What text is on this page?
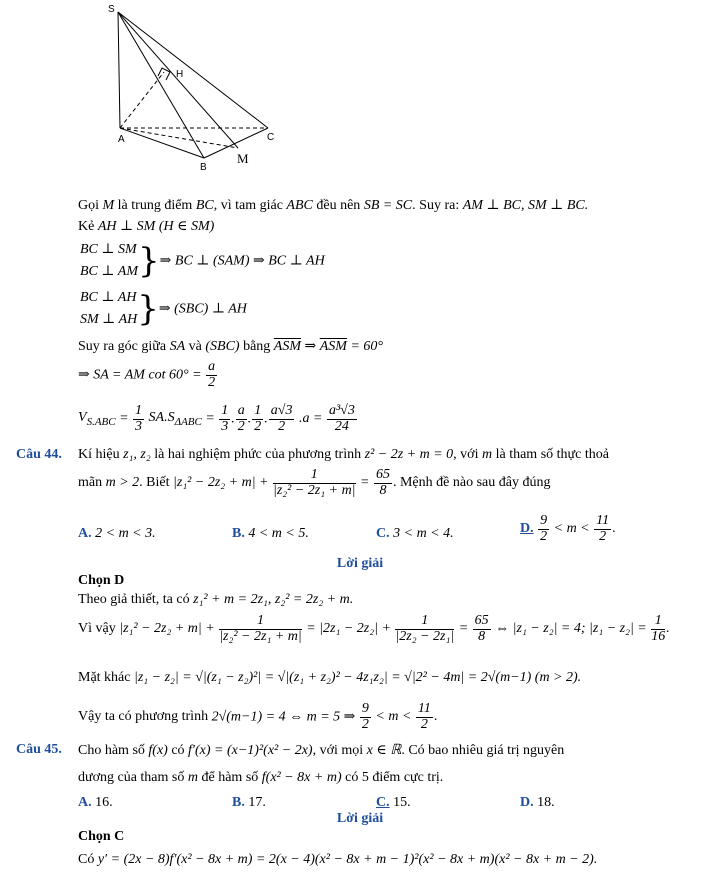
S
H
A	C
B
M
Gọi M là trung điểm BC, vì tam giác ABC đều nên SB = SC. Suy ra: AM ⊥ BC, SM ⊥ BC.
Kẻ AH ⊥ SM (H ∈ SM)
BC ⊥ SM
BC ⊥ AM }⇒ BC ⊥ (SAM) ⇒ BC ⊥ AH
BC ⊥ AH
SM ⊥ AH }⇒ (SBC) ⊥ AH
Suy ra góc giữa SA và (SBC) bằng $\overline{ASM}$ ⇒ $\overline{ASM} = 60^\circ$
⇒ SA = AM $\cot 60^\circ = \frac{a}{2}$
$V_{S.ABC} = \frac{1}{3} SA.S_{\Delta ABC} = \frac{1}{3}$ . $\frac{a}{2}$ . $\frac{1}{2}$ . $\frac{a√3}{2} .a = \frac{\text{a³√3}}{24}$
Câu 44. Kí hiệu z₁, z₂ là hai nghiệm phức của phương trình z² − 2z + m = 0, với m là tham số thực thoả
mãn m > 2. Biết $|z_1^2 - 2z_2 + m| + \frac{1}{\text{|z₂² − 2z₁ + m|}} = \frac{65}{8}$ . Mệnh đề nào sau đây đúng
A. 2 < m < 3.	B. 4 < m < 5.	C. 3 < m < 4.	D. $\frac{9}{2} < m < \frac{11}{2}$ .
Lời giải
Chọn D
Theo giả thiết, ta có z₁² + m = 2z₁, z₂² = 2z₂ + m.
Vì vậy $|z_1^2 - 2z_2 + m| + \frac{1}{\text{|z₂² − 2z₁ + m|}} = |2z_1 - 2z_2| + \frac{1}{\text{|2z₂ − 2z₁|}} = \frac{65}{8}$ ⇔ |z₁ − z₂| = 4; $|z_1 - z_2| = \frac{1}{16}$ .
Mặt khác |z₁ − z₂| = √|(z₁ − z₂)²| = √|(z₁ + z₂)² − 4z₁z₂| = √|2² − 4m| = 2√(m−1) (m > 2).
Vậy ta có phương trình 2√(m−1) = 4 ⇔ m = 5 ⇒ $\frac{9}{2} < m < \frac{11}{2}$ .
Câu 45. Cho hàm số f(x) có f′(x) = (x−1)²(x² − 2x), với mọi x ∈ ℝ. Có bao nhiêu giá trị nguyên
dương của tham số m để hàm số f(x² − 8x + m) có 5 điểm cực trị.
A. 16.	B. 17.	C. 15.	D. 18.
Lời giải
Chọn C
Có y′ = (2x − 8)f′(x² − 8x + m) = 2(x − 4)(x² − 8x + m − 1)²(x² − 8x + m)(x² − 8x + m − 2).
